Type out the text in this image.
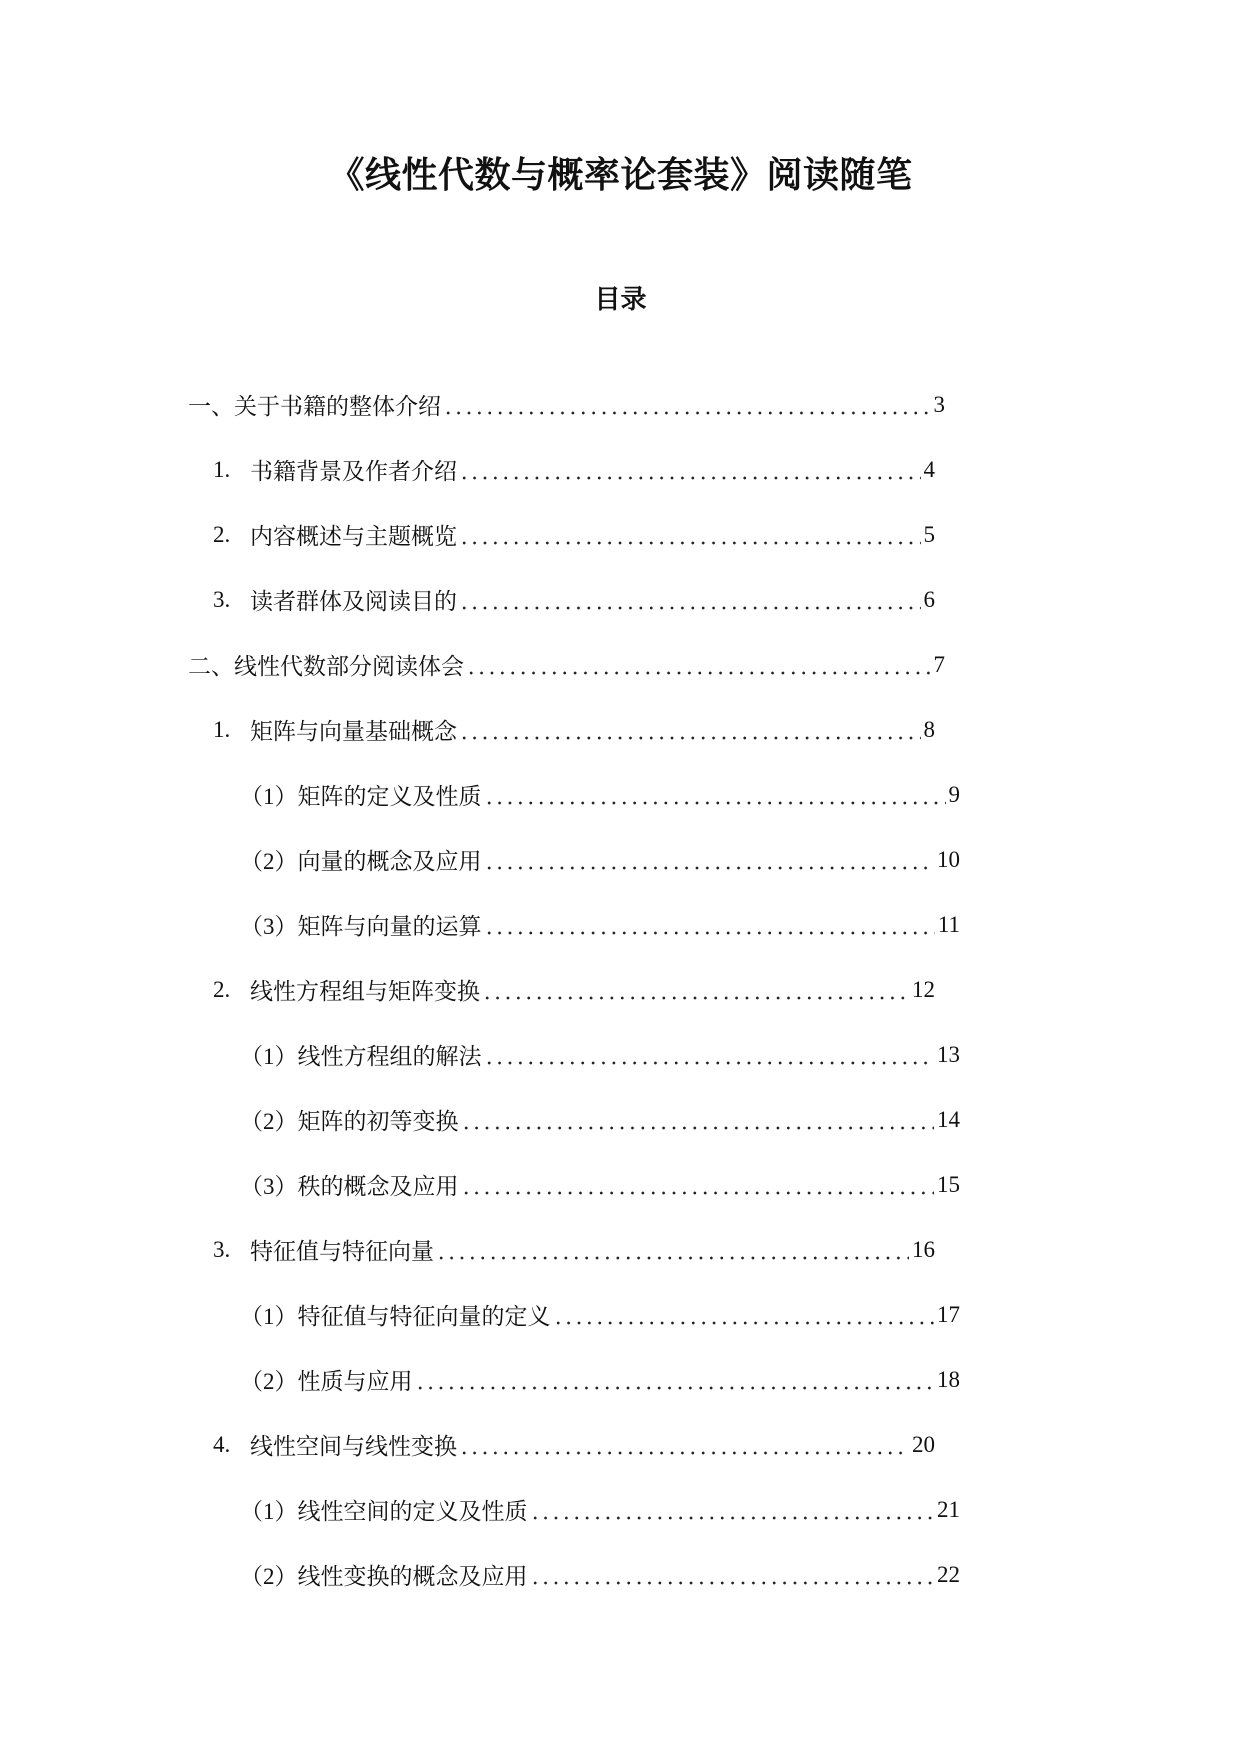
《线性代数与概率论套装》阅读随笔
目录
一、关于书籍的整体介绍	3
1. 书籍背景及作者介绍	4
2. 内容概述与主题概览	5
3. 读者群体及阅读目的	6
二、线性代数部分阅读体会	7
1. 矩阵与向量基础概念	8
（1）矩阵的定义及性质	9
（2）向量的概念及应用	10
（3）矩阵与向量的运算	11
2. 线性方程组与矩阵变换	12
（1）线性方程组的解法	13
（2）矩阵的初等变换	14
（3）秩的概念及应用	15
3. 特征值与特征向量	16
（1）特征值与特征向量的定义	17
（2）性质与应用	18
4. 线性空间与线性变换	20
（1）线性空间的定义及性质	21
（2）线性变换的概念及应用	22
